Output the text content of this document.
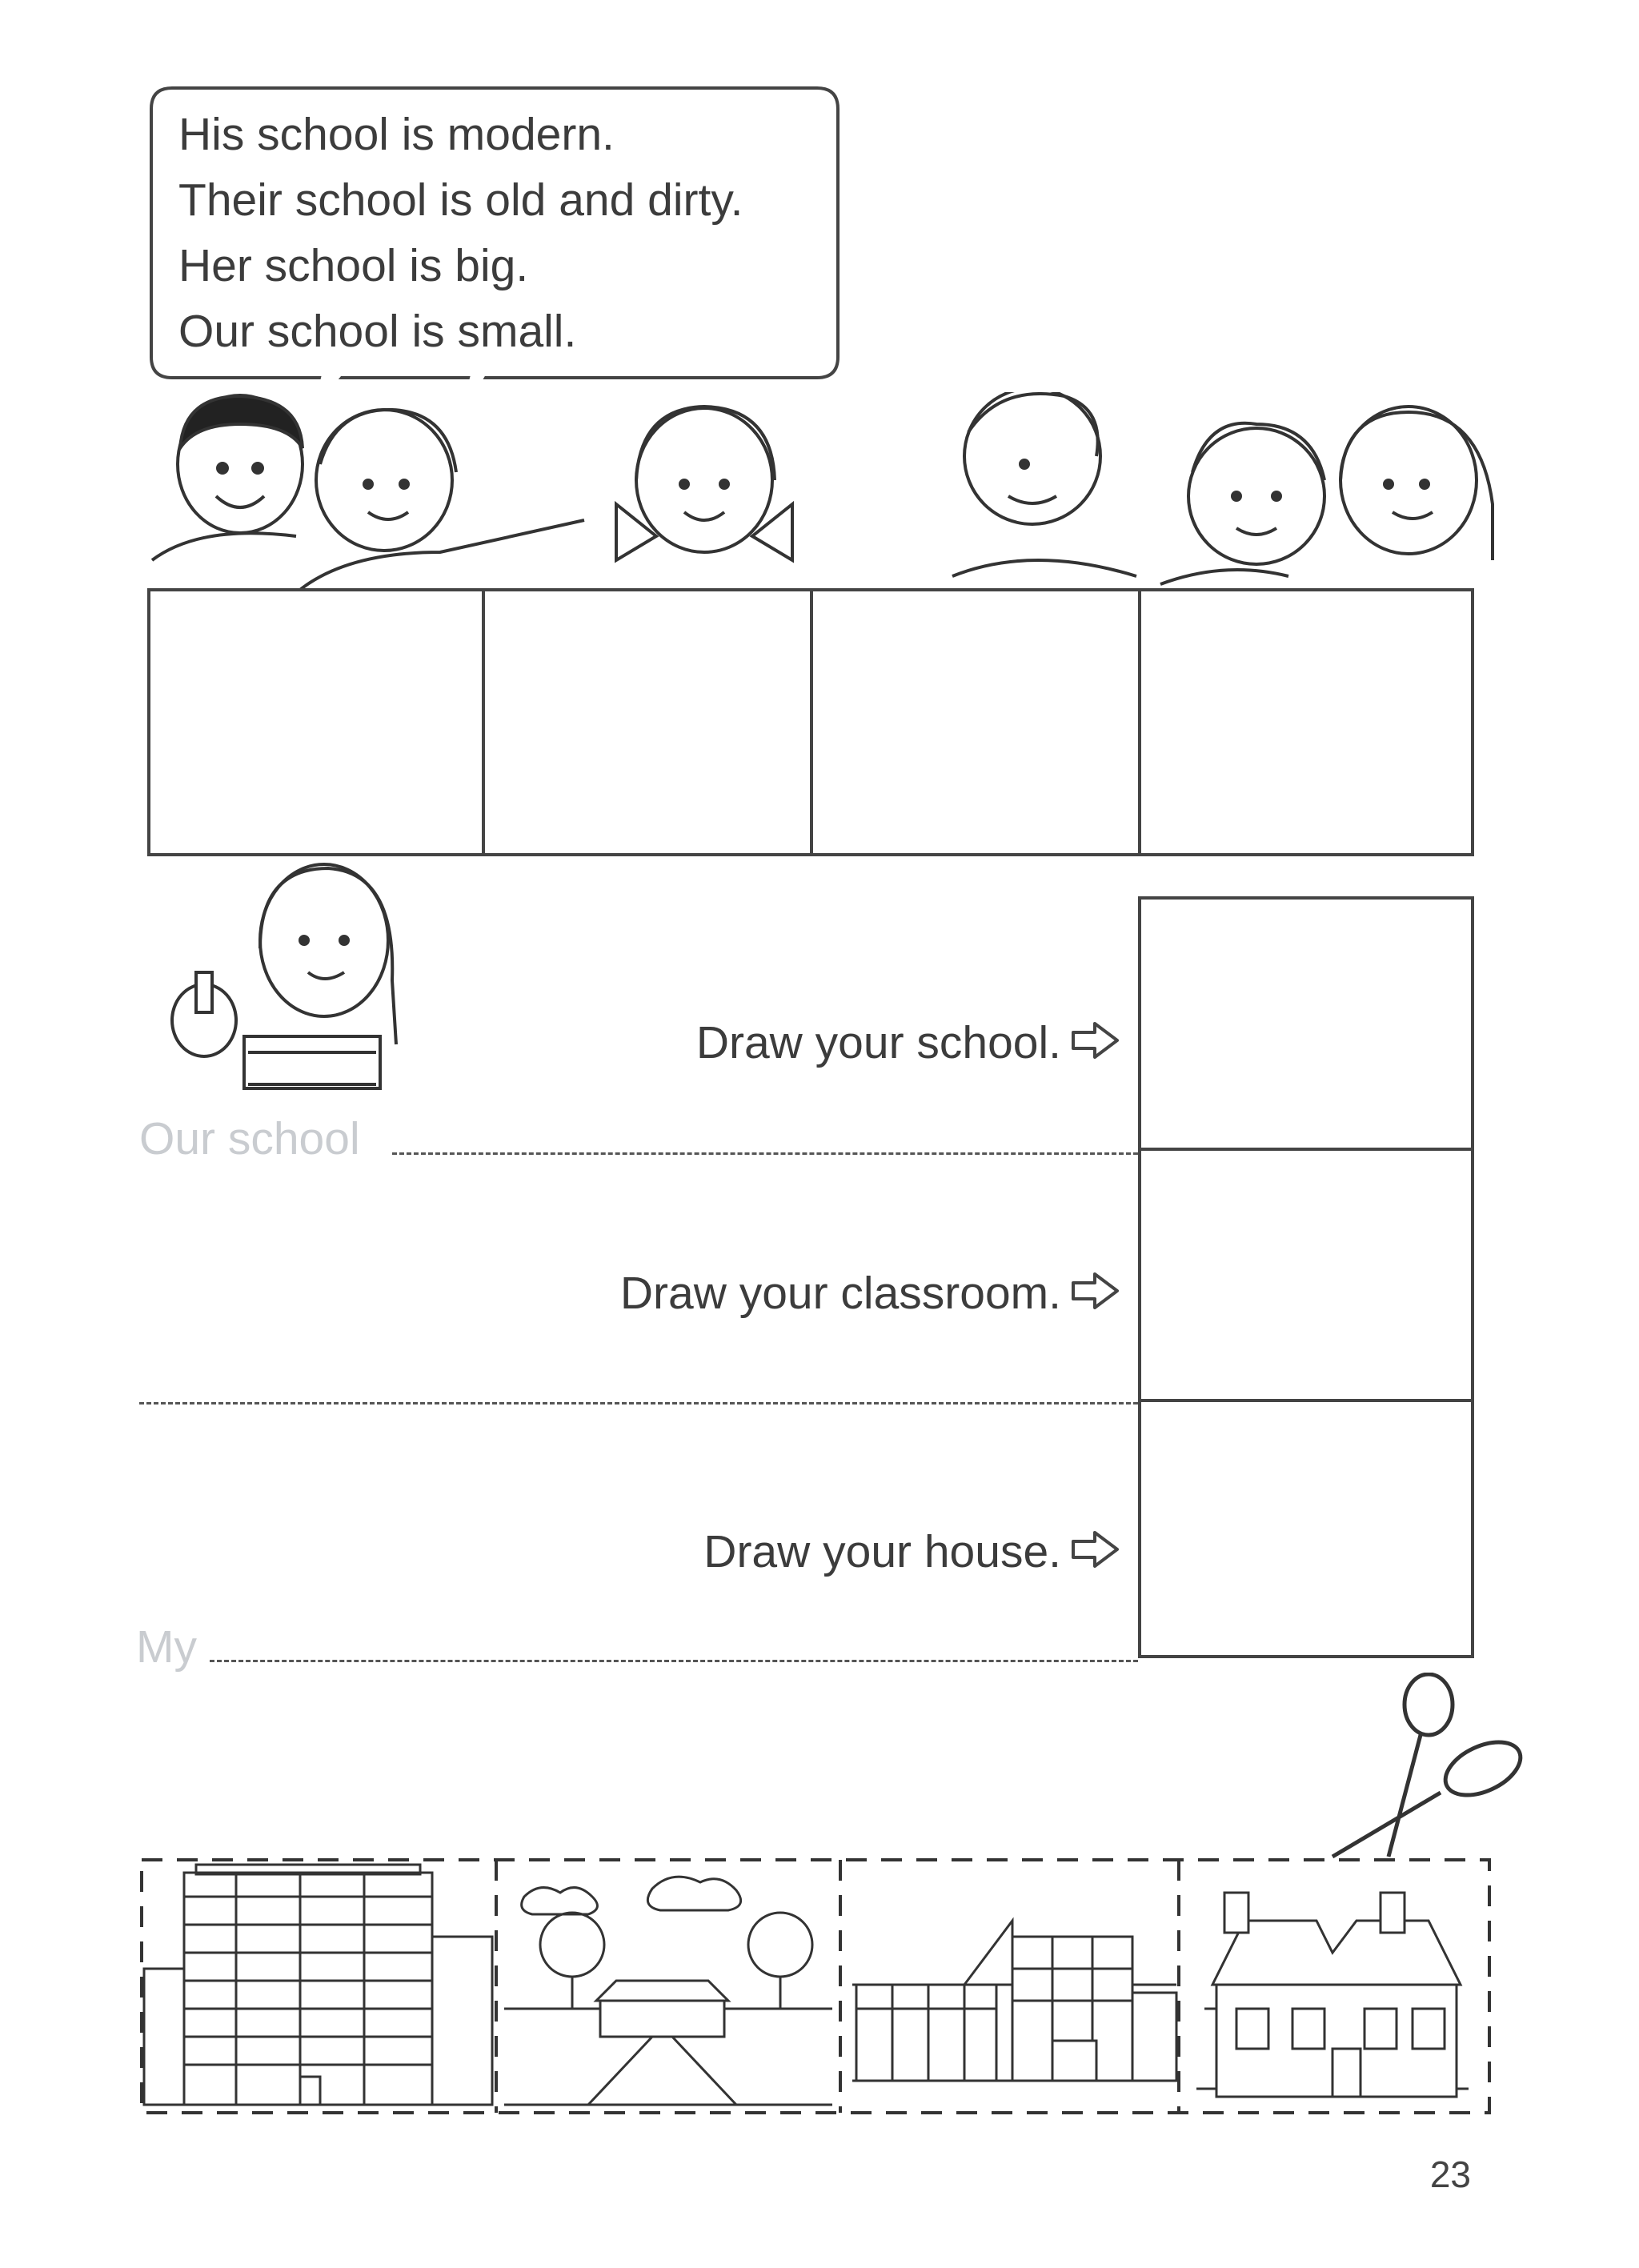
His school is modern.
Their school is old and dirty.
Her school is big.
Our school is small.
Draw your school.
Our school
Draw your classroom.
Draw your house.
My
23
